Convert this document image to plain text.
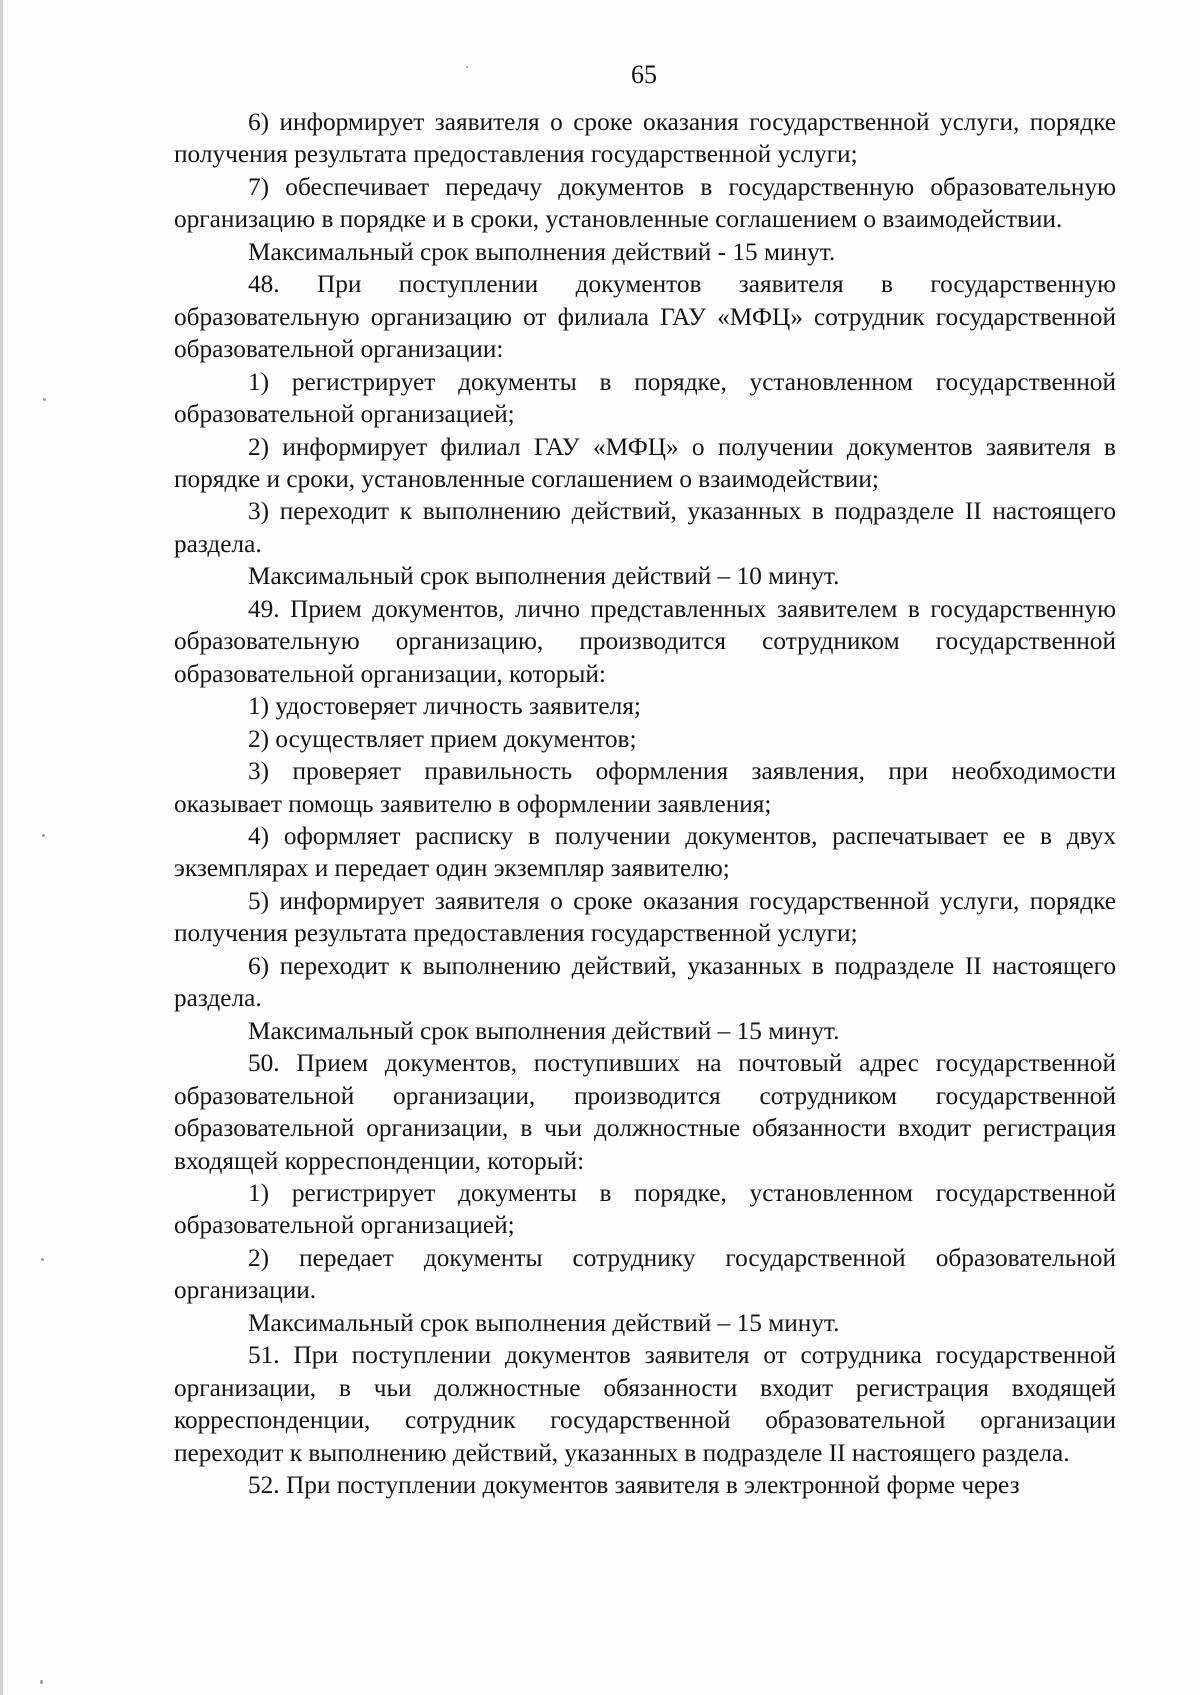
65

6) информирует заявителя о сроке оказания государственной услуги, порядке получения результата предоставления государственной услуги;

7) обеспечивает передачу документов в государственную образовательную организацию в порядке и в сроки, установленные соглашением о взаимодействии.

Максимальный срок выполнения действий - 15 минут.

48. При поступлении документов заявителя в государственную образовательную организацию от филиала ГАУ «МФЦ» сотрудник государственной образовательной организации:

1) регистрирует документы в порядке, установленном государственной образовательной организацией;

2) информирует филиал ГАУ «МФЦ» о получении документов заявителя в порядке и сроки, установленные соглашением о взаимодействии;

3) переходит к выполнению действий, указанных в подразделе II настоящего раздела.

Максимальный срок выполнения действий – 10 минут.

49. Прием документов, лично представленных заявителем в государственную образовательную организацию, производится сотрудником государственной образовательной организации, который:

1) удостоверяет личность заявителя;

2) осуществляет прием документов;

3) проверяет правильность оформления заявления, при необходимости оказывает помощь заявителю в оформлении заявления;

4) оформляет расписку в получении документов, распечатывает ее в двух экземплярах и передает один экземпляр заявителю;

5) информирует заявителя о сроке оказания государственной услуги, порядке получения результата предоставления государственной услуги;

6) переходит к выполнению действий, указанных в подразделе II настоящего раздела.

Максимальный срок выполнения действий – 15 минут.

50. Прием документов, поступивших на почтовый адрес государственной образовательной организации, производится сотрудником государственной образовательной организации, в чьи должностные обязанности входит регистрация входящей корреспонденции, который:

1) регистрирует документы в порядке, установленном государственной образовательной организацией;

2) передает документы сотруднику государственной образовательной организации.

Максимальный срок выполнения действий – 15 минут.

51. При поступлении документов заявителя от сотрудника государственной организации, в чьи должностные обязанности входит регистрация входящей корреспонденции, сотрудник государственной образовательной организации переходит к выполнению действий, указанных в подразделе II настоящего раздела.

52. При поступлении документов заявителя в электронной форме через
